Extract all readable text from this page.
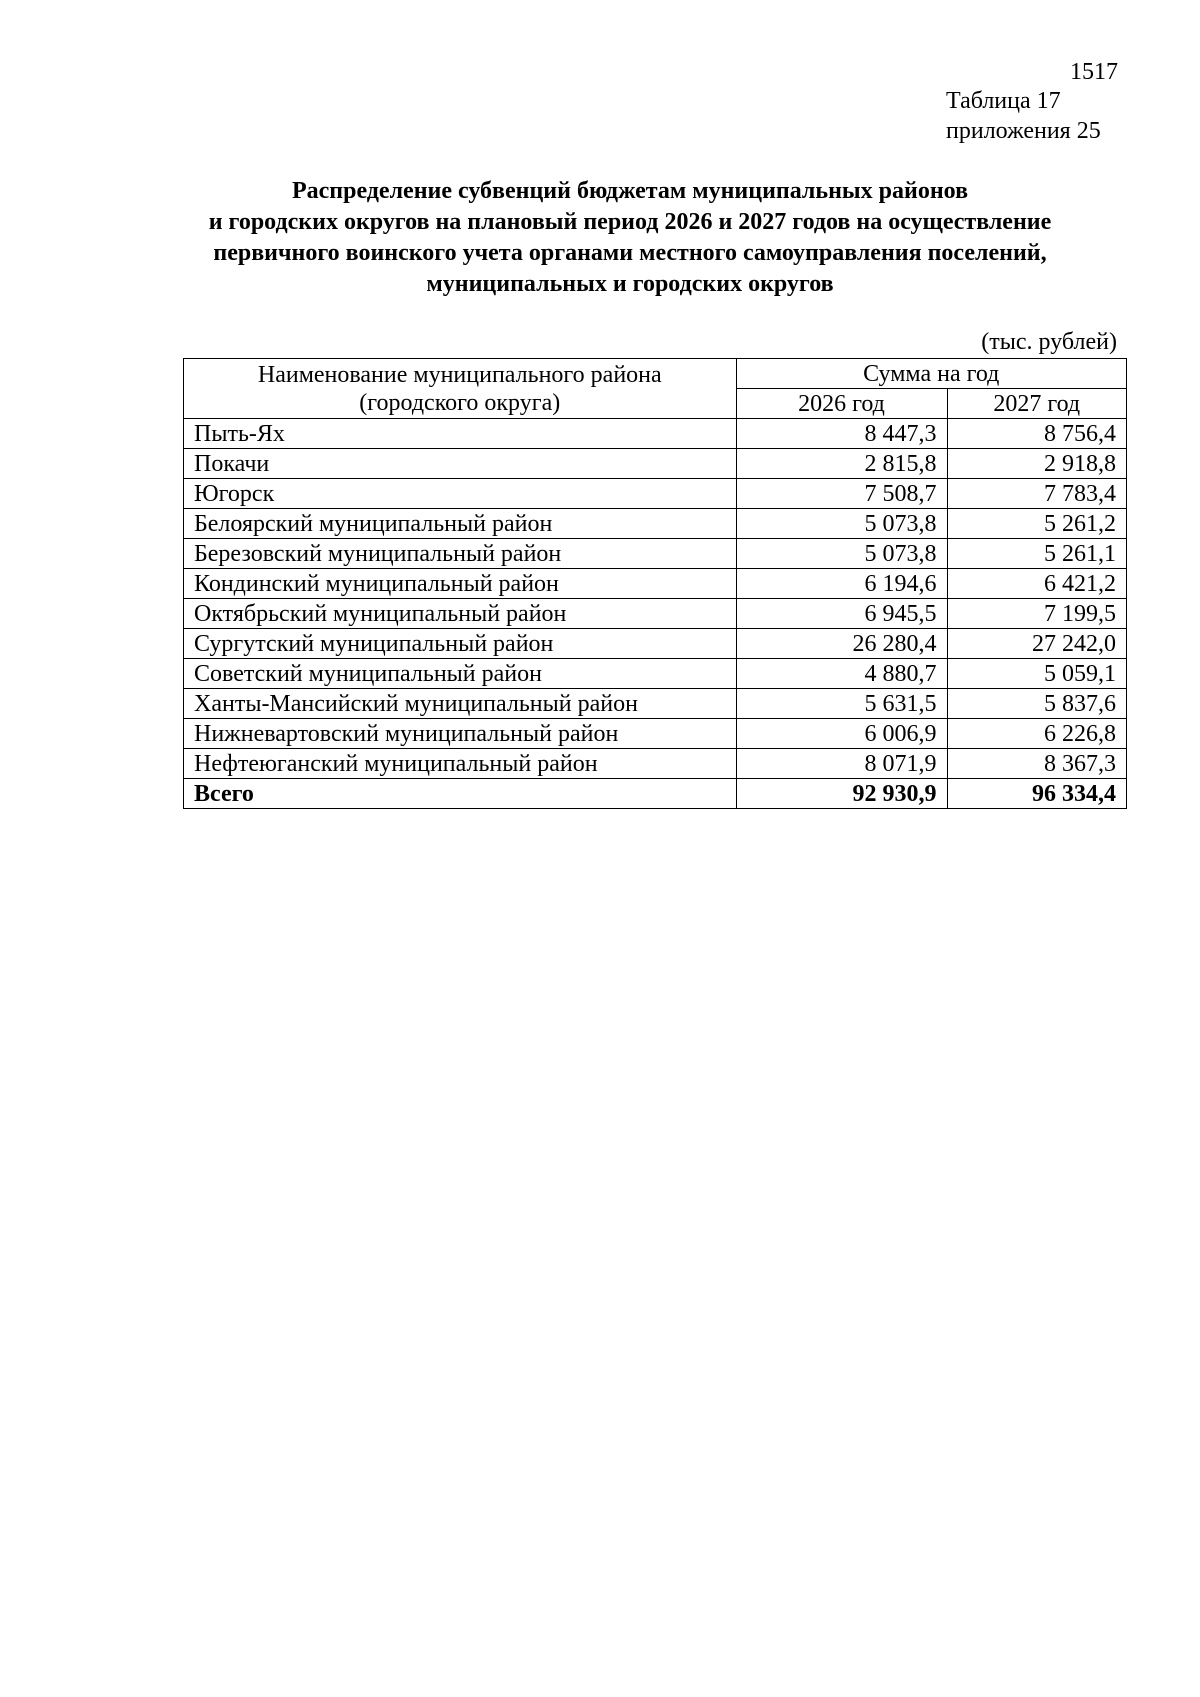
1517
Таблица 17
приложения 25
Распределение субвенций бюджетам муниципальных районов
и городских округов на плановый период 2026 и 2027 годов на осуществление
первичного воинского учета органами местного самоуправления поселений,
муниципальных и городских округов
(тыс. рублей)
Наименование муниципального района
(городского округа)	Сумма на год	
	2026 год	2027 год
Пыть-Ях	8 447,3	8 756,4
Покачи	2 815,8	2 918,8
Югорск	7 508,7	7 783,4
Белоярский муниципальный район	5 073,8	5 261,2
Березовский муниципальный район	5 073,8	5 261,1
Кондинский муниципальный район	6 194,6	6 421,2
Октябрьский муниципальный район	6 945,5	7 199,5
Сургутский муниципальный район	26 280,4	27 242,0
Советский муниципальный район	4 880,7	5 059,1
Ханты-Мансийский муниципальный район	5 631,5	5 837,6
Нижневартовский муниципальный район	6 006,9	6 226,8
Нефтеюганский муниципальный район	8 071,9	8 367,3
Всего	92 930,9	96 334,4
